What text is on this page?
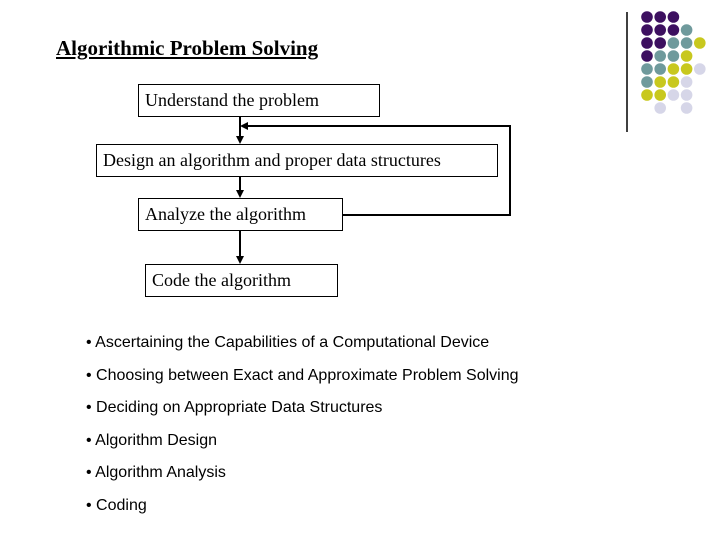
Algorithmic Problem Solving
Understand the problem
Design an algorithm and proper data structures
Analyze the algorithm
Code the algorithm
• Ascertaining the Capabilities of a Computational Device
• Choosing between Exact and Approximate Problem Solving
• Deciding on Appropriate Data Structures
• Algorithm Design
• Algorithm Analysis
• Coding
